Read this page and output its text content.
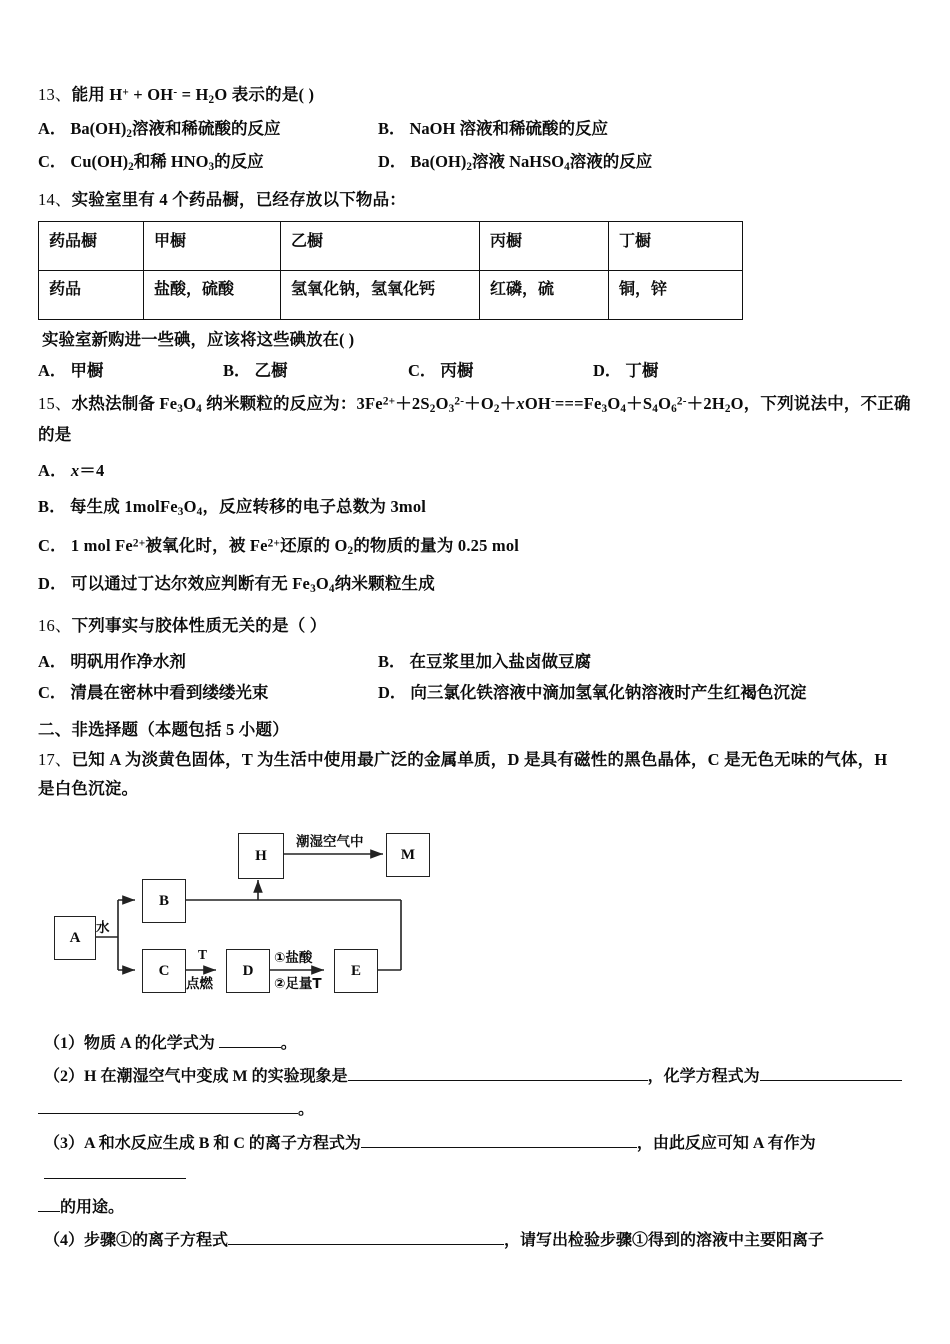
13、能用 $H^+ + OH^- = H_2O$ 表示的是( )
A． $Ba(OH)_2$溶液和稀硫酸的反应	B． NaOH 溶液和稀硫酸的反应
C． $Cu(OH)_2$和稀 $HNO_3$的反应	D． $Ba(OH)_2$溶液 NaHSO$_4$溶液的反应
14、实验室里有 4 个药品橱，已经存放以下物品：
药品橱	甲橱	乙橱	丙橱	丁橱
药品	盐酸，硫酸	氢氧化钠，氢氧化钙	红磷，硫	铜，锌
实验室新购进一些碘，应该将这些碘放在( )
A． 甲橱	B． 乙橱	C． 丙橱	D． 丁橱
15、水热法制备 $Fe_3O_4$ 纳米颗粒的反应为：$3Fe^{2+}+2S_2O_3^{2-}+O_2+xOH^-===Fe_3O_4+S_4O_6^{2-}+2H_2O$，下列说法中，不正确
的是
A． x＝4
B． 每生成 $1molFe_3O_4$，反应转移的电子总数为 3mol
C． 1 mol $Fe^{2+}$被氧化时，被 $Fe^{2+}$还原的 $O_2$的物质的量为 0.25 mol
D． 可以通过丁达尔效应判断有无 $Fe_3O_4$纳米颗粒生成
16、下列事实与胶体性质无关的是（ ）
A． 明矾用作净水剂	B． 在豆浆里加入盐卤做豆腐
C． 清晨在密林中看到缕缕光束	D． 向三氯化铁溶液中滴加氢氧化钠溶液时产生红褐色沉淀
二、非选择题（本题包括 5 小题）
17、已知 A 为淡黄色固体，T 为生活中使用最广泛的金属单质，D 是具有磁性的黑色晶体，C 是无色无味的气体，H
是白色沉淀。
A
B
C	D	E
H	M
水
T
点燃
①盐酸
②足量T
潮湿空气中
（1）物质 A 的化学式为	。
（2）H 在潮湿空气中变成 M 的实验现象是	，化学方程式为
。
（3）A 和水反应生成 B 和 C 的离子方程式为	，由此反应可知 A 有作为
的用途。
（4）步骤①的离子方程式	，请写出检验步骤①得到的溶液中主要阳离子
